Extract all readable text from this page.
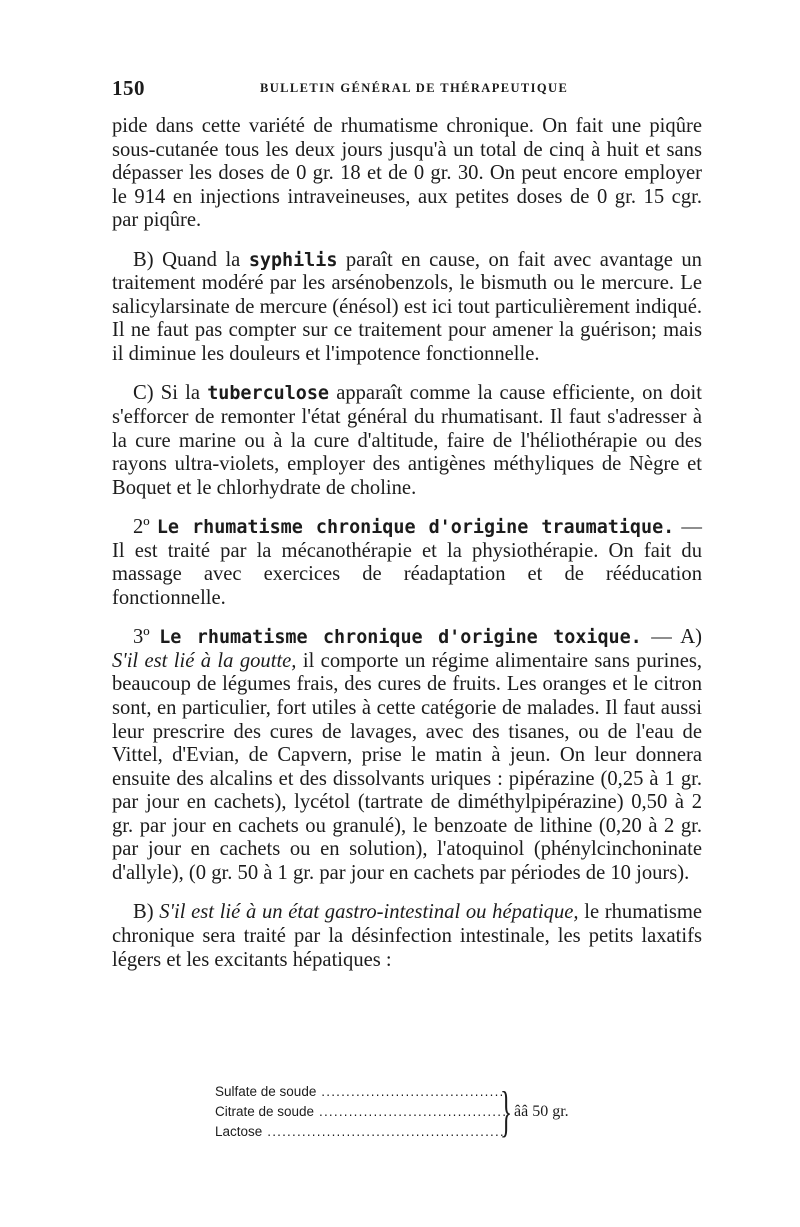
150	BULLETIN GÉNÉRAL DE THÉRAPEUTIQUE

pide dans cette variété de rhumatisme chronique. On fait une piqûre sous-cutanée tous les deux jours jusqu'à un total de cinq à huit et sans dépasser les doses de 0 gr. 18 et de 0 gr. 30. On peut encore employer le 914 en injections intraveineuses, aux petites doses de 0 gr. 15 cgr. par piqûre.

B) Quand la syphilis paraît en cause, on fait avec avantage un traitement modéré par les arsénobenzols, le bismuth ou le mercure. Le salicylarsinate de mercure (énésol) est ici tout particulièrement indiqué. Il ne faut pas compter sur ce traitement pour amener la guérison; mais il diminue les douleurs et l'impotence fonctionnelle.

C) Si la tuberculose apparaît comme la cause efficiente, on doit s'efforcer de remonter l'état général du rhumatisant. Il faut s'adresser à la cure marine ou à la cure d'altitude, faire de l'héliothérapie ou des rayons ultra-violets, employer des antigènes méthyliques de Nègre et Boquet et le chlorhydrate de choline.

2º Le rhumatisme chronique d'origine traumatique. — Il est traité par la mécanothérapie et la physiothérapie. On fait du massage avec exercices de réadaptation et de rééducation fonctionnelle.

3º Le rhumatisme chronique d'origine toxique. — A) S'il est lié à la goutte, il comporte un régime alimentaire sans purines, beaucoup de légumes frais, des cures de fruits. Les oranges et le citron sont, en particulier, fort utiles à cette catégorie de malades. Il faut aussi leur prescrire des cures de lavages, avec des tisanes, ou de l'eau de Vittel, d'Evian, de Capvern, prise le matin à jeun. On leur donnera ensuite des alcalins et des dissolvants uriques : pipérazine (0,25 à 1 gr. par jour en cachets), lycétol (tartrate de diméthylpipérazine) 0,50 à 2 gr. par jour en cachets ou granulé), le benzoate de lithine (0,20 à 2 gr. par jour en cachets ou en solution), l'atoquinol (phénylcinchoninate d'allyle), (0 gr. 50 à 1 gr. par jour en cachets par périodes de 10 jours).

B) S'il est lié à un état gastro-intestinal ou hépatique, le rhumatisme chronique sera traité par la désinfection intestinale, les petits laxatifs légers et les excitants hépatiques :

Sulfate de soude .....
Citrate de soude .....
Lactose .....	} ââ 50 gr.
